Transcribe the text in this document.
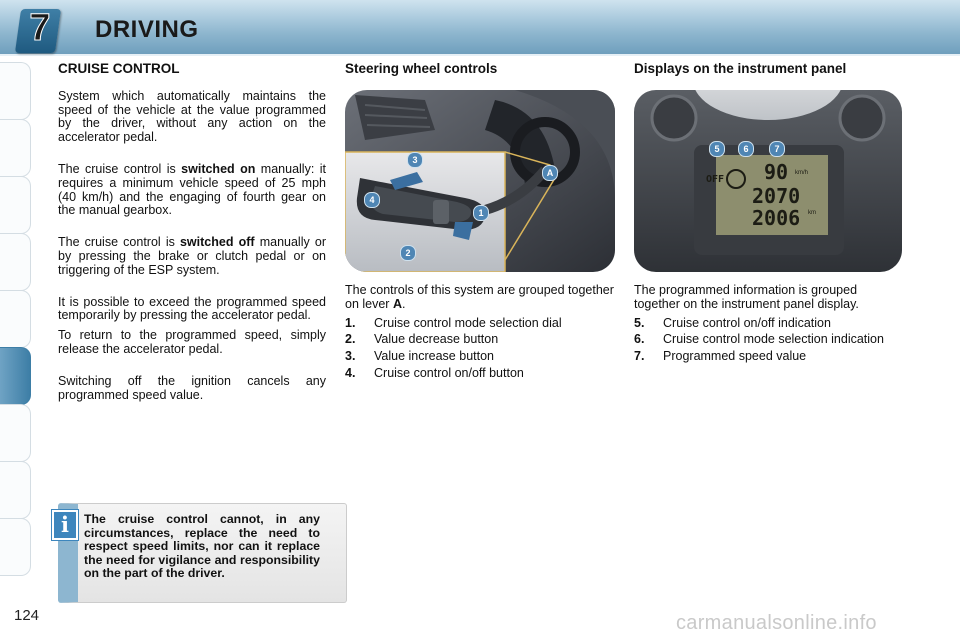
7	DRIVING
CRUISE CONTROL

System which automatically maintains the speed of the vehicle at the value programmed by the driver, without any action on the accelerator pedal.

The cruise control is switched on manually: it requires a minimum vehicle speed of 25 mph (40 km/h) and the engaging of fourth gear on the manual gearbox.

The cruise control is switched off manually or by pressing the brake or clutch pedal or on triggering of the ESP system.

It is possible to exceed the programmed speed temporarily by pressing the accelerator pedal.

To return to the programmed speed, simply release the accelerator pedal.

Switching off the ignition cancels any programmed speed value.

i	The cruise control cannot, in any circumstances, replace the need to respect speed limits, nor can it replace the need for vigilance and responsibility on the part of the driver.
Steering wheel controls
3
4
1
2
A

The controls of this system are grouped together on lever A.

1. Cruise control mode selection dial
2. Value decrease button
3. Value increase button
4. Cruise control on/off button
Displays on the instrument panel
5	6	7
OFF 90 km/h
2070
2006 km

The programmed information is grouped together on the instrument panel display.

5. Cruise control on/off indication
6. Cruise control mode selection indication
7. Programmed speed value
124	carmanualsonline.info
